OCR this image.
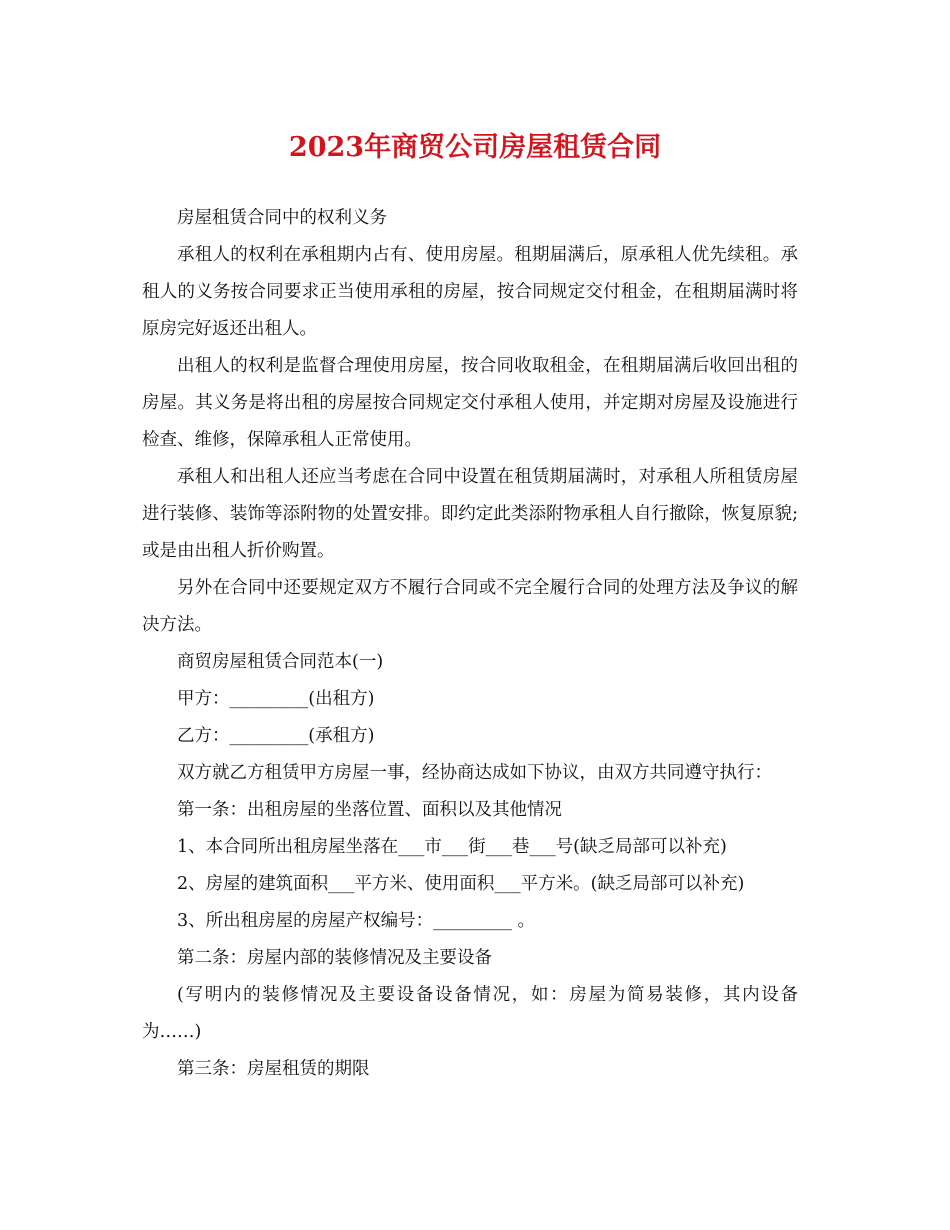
2023年商贸公司房屋租赁合同

房屋租赁合同中的权利义务

承租人的权利在承租期内占有、使用房屋。租期届满后，原承租人优先续租。承租人的义务按合同要求正当使用承租的房屋，按合同规定交付租金，在租期届满时将原房完好返还出租人。

出租人的权利是监督合理使用房屋，按合同收取租金，在租期届满后收回出租的房屋。其义务是将出租的房屋按合同规定交付承租人使用，并定期对房屋及设施进行检查、维修，保障承租人正常使用。

承租人和出租人还应当考虑在合同中设置在租赁期届满时，对承租人所租赁房屋进行装修、装饰等添附物的处置安排。即约定此类添附物承租人自行撤除，恢复原貌;或是由出租人折价购置。

另外在合同中还要规定双方不履行合同或不完全履行合同的处理方法及争议的解决方法。

商贸房屋租赁合同范本(一)

甲方：_________(出租方)

乙方：_________(承租方)

双方就乙方租赁甲方房屋一事，经协商达成如下协议，由双方共同遵守执行：

第一条：出租房屋的坐落位置、面积以及其他情况

1、本合同所出租房屋坐落在___市___街___巷___号(缺乏局部可以补充)

2、房屋的建筑面积___平方米、使用面积___平方米。(缺乏局部可以补充)

3、所出租房屋的房屋产权编号：_________ 。

第二条：房屋内部的装修情况及主要设备

(写明内的装修情况及主要设备设备情况，如：房屋为简易装修，其内设备为……)

第三条：房屋租赁的期限
